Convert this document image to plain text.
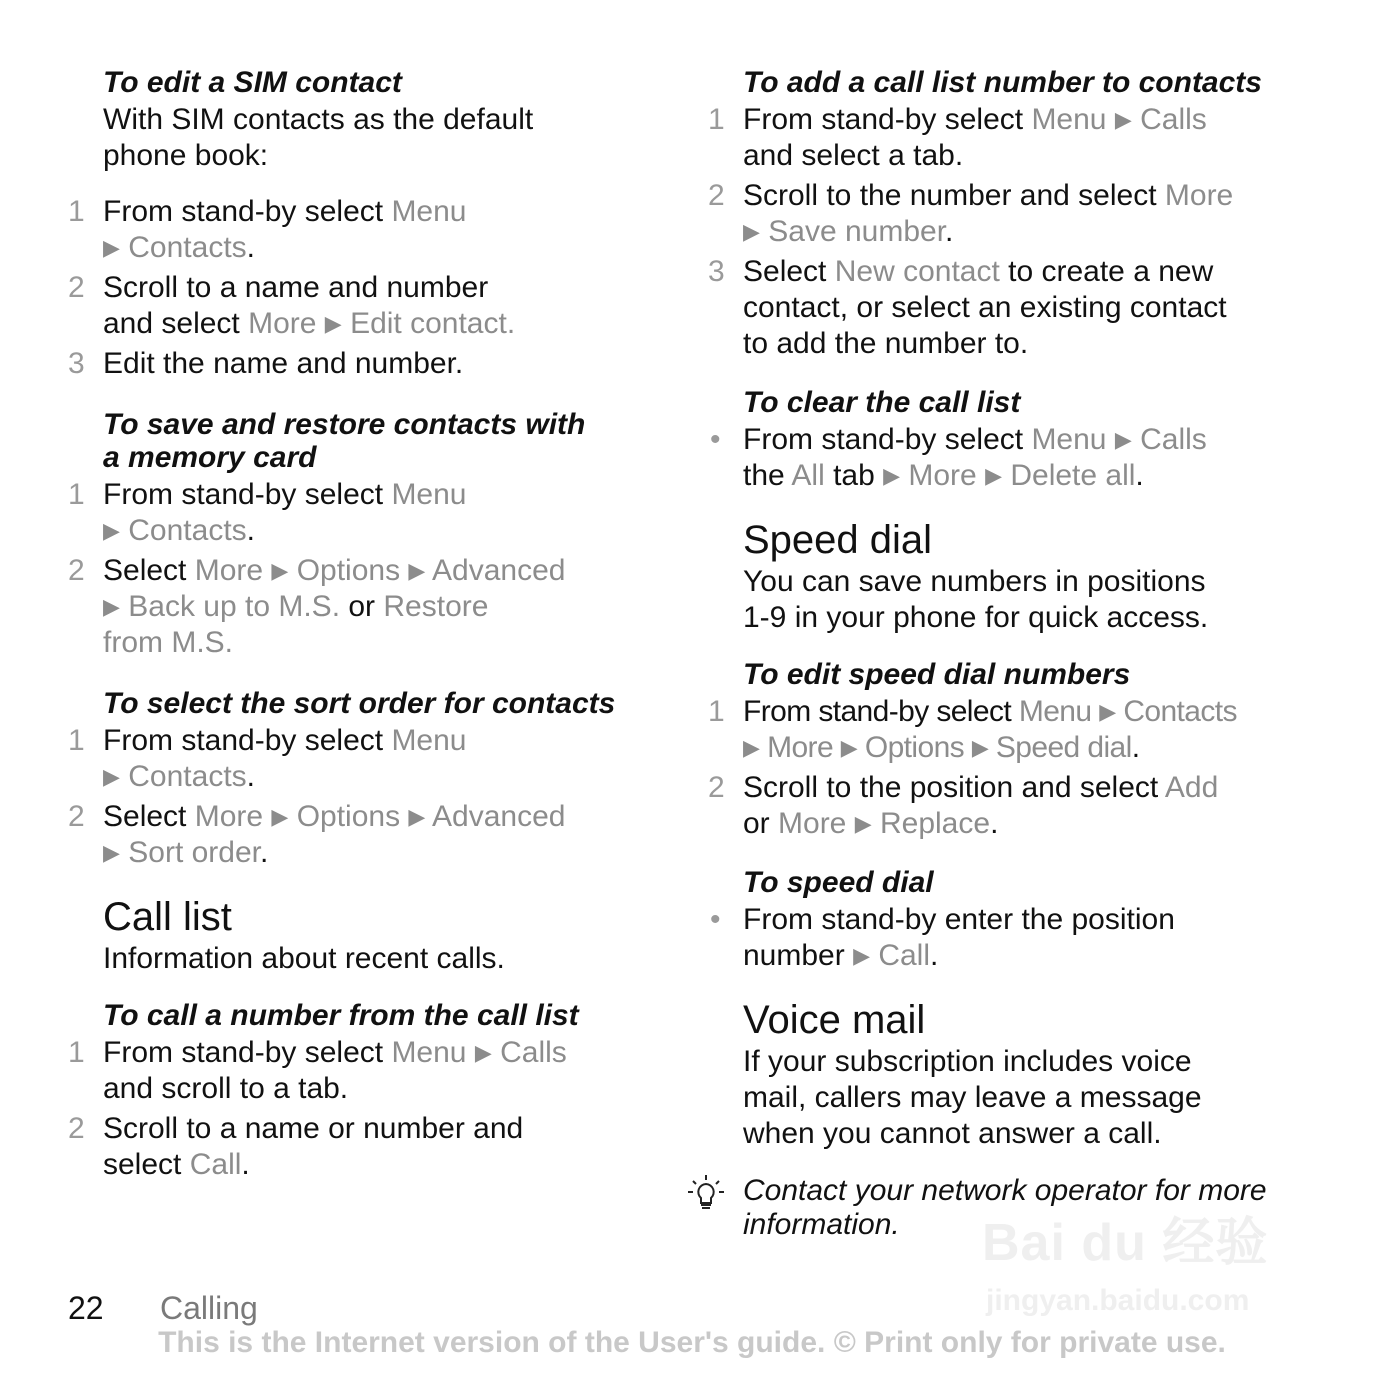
To edit a SIM contact
With SIM contacts as the default
phone book:
1 From stand-by select Menu
▶ Contacts.
2 Scroll to a name and number
and select More ▶ Edit contact.
3 Edit the name and number.
To save and restore contacts with
a memory card
1 From stand-by select Menu
▶ Contacts.
2 Select More ▶ Options ▶ Advanced
▶ Back up to M.S. or Restore
from M.S.
To select the sort order for contacts
1 From stand-by select Menu
▶ Contacts.
2 Select More ▶ Options ▶ Advanced
▶ Sort order.
Call list
Information about recent calls.
To call a number from the call list
1 From stand-by select Menu ▶ Calls
and scroll to a tab.
2 Scroll to a name or number and
select Call.
To add a call list number to contacts
1 From stand-by select Menu ▶ Calls
and select a tab.
2 Scroll to the number and select More
▶ Save number.
3 Select New contact to create a new
contact, or select an existing contact
to add the number to.
To clear the call list
• From stand-by select Menu ▶ Calls
the All tab ▶ More ▶ Delete all.
Speed dial
You can save numbers in positions
1-9 in your phone for quick access.
To edit speed dial numbers
1 From stand-by select Menu ▶ Contacts
▶ More ▶ Options ▶ Speed dial.
2 Scroll to the position and select Add
or More ▶ Replace.
To speed dial
• From stand-by enter the position
number ▶ Call.
Voice mail
If your subscription includes voice
mail, callers may leave a message
when you cannot answer a call.
Contact your network operator for more
information.	Bai du 经验
jingyan.baidu.com
22 Calling
This is the Internet version of the User's guide. © Print only for private use.
